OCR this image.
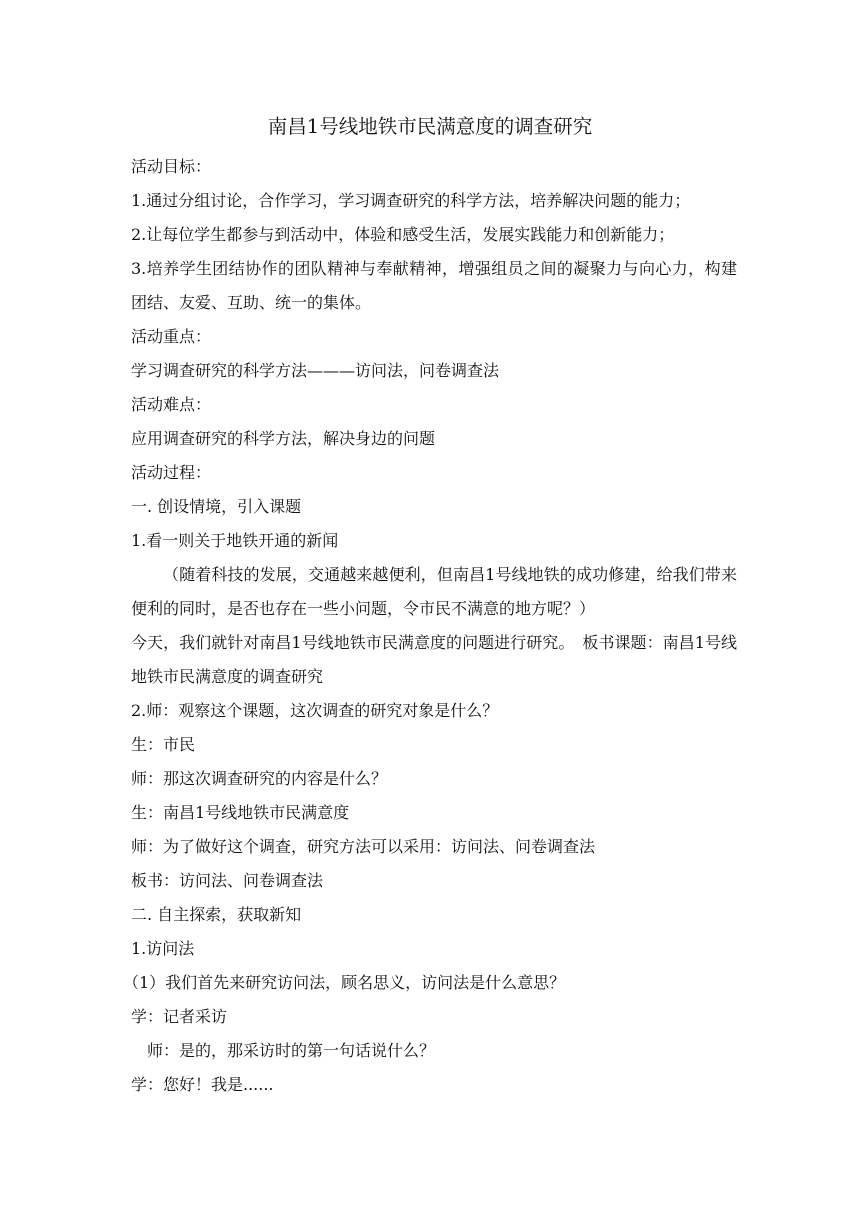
南昌1号线地铁市民满意度的调查研究
活动目标：
1.通过分组讨论，合作学习，学习调查研究的科学方法，培养解决问题的能力；
2.让每位学生都参与到活动中，体验和感受生活，发展实践能力和创新能力；
3.培养学生团结协作的团队精神与奉献精神，增强组员之间的凝聚力与向心力，构建团结、友爱、互助、统一的集体。
活动重点：
学习调查研究的科学方法———访问法，问卷调查法
活动难点：
应用调查研究的科学方法，解决身边的问题
活动过程：
一. 创设情境，引入课题
1.看一则关于地铁开通的新闻
（随着科技的发展，交通越来越便利，但南昌1号线地铁的成功修建，给我们带来便利的同时，是否也存在一些小问题，令市民不满意的地方呢？）
今天，我们就针对南昌1号线地铁市民满意度的问题进行研究。　板书课题：南昌1号线地铁市民满意度的调查研究
2.师：观察这个课题，这次调查的研究对象是什么？
生：市民
师：那这次调查研究的内容是什么？
生：南昌1号线地铁市民满意度
师：为了做好这个调查，研究方法可以采用：访问法、问卷调查法
板书：访问法、问卷调查法
二. 自主探索，获取新知
1.访问法
（1）我们首先来研究访问法，顾名思义，访问法是什么意思？
学：记者采访
师：是的，那采访时的第一句话说什么？
学：您好！我是......
